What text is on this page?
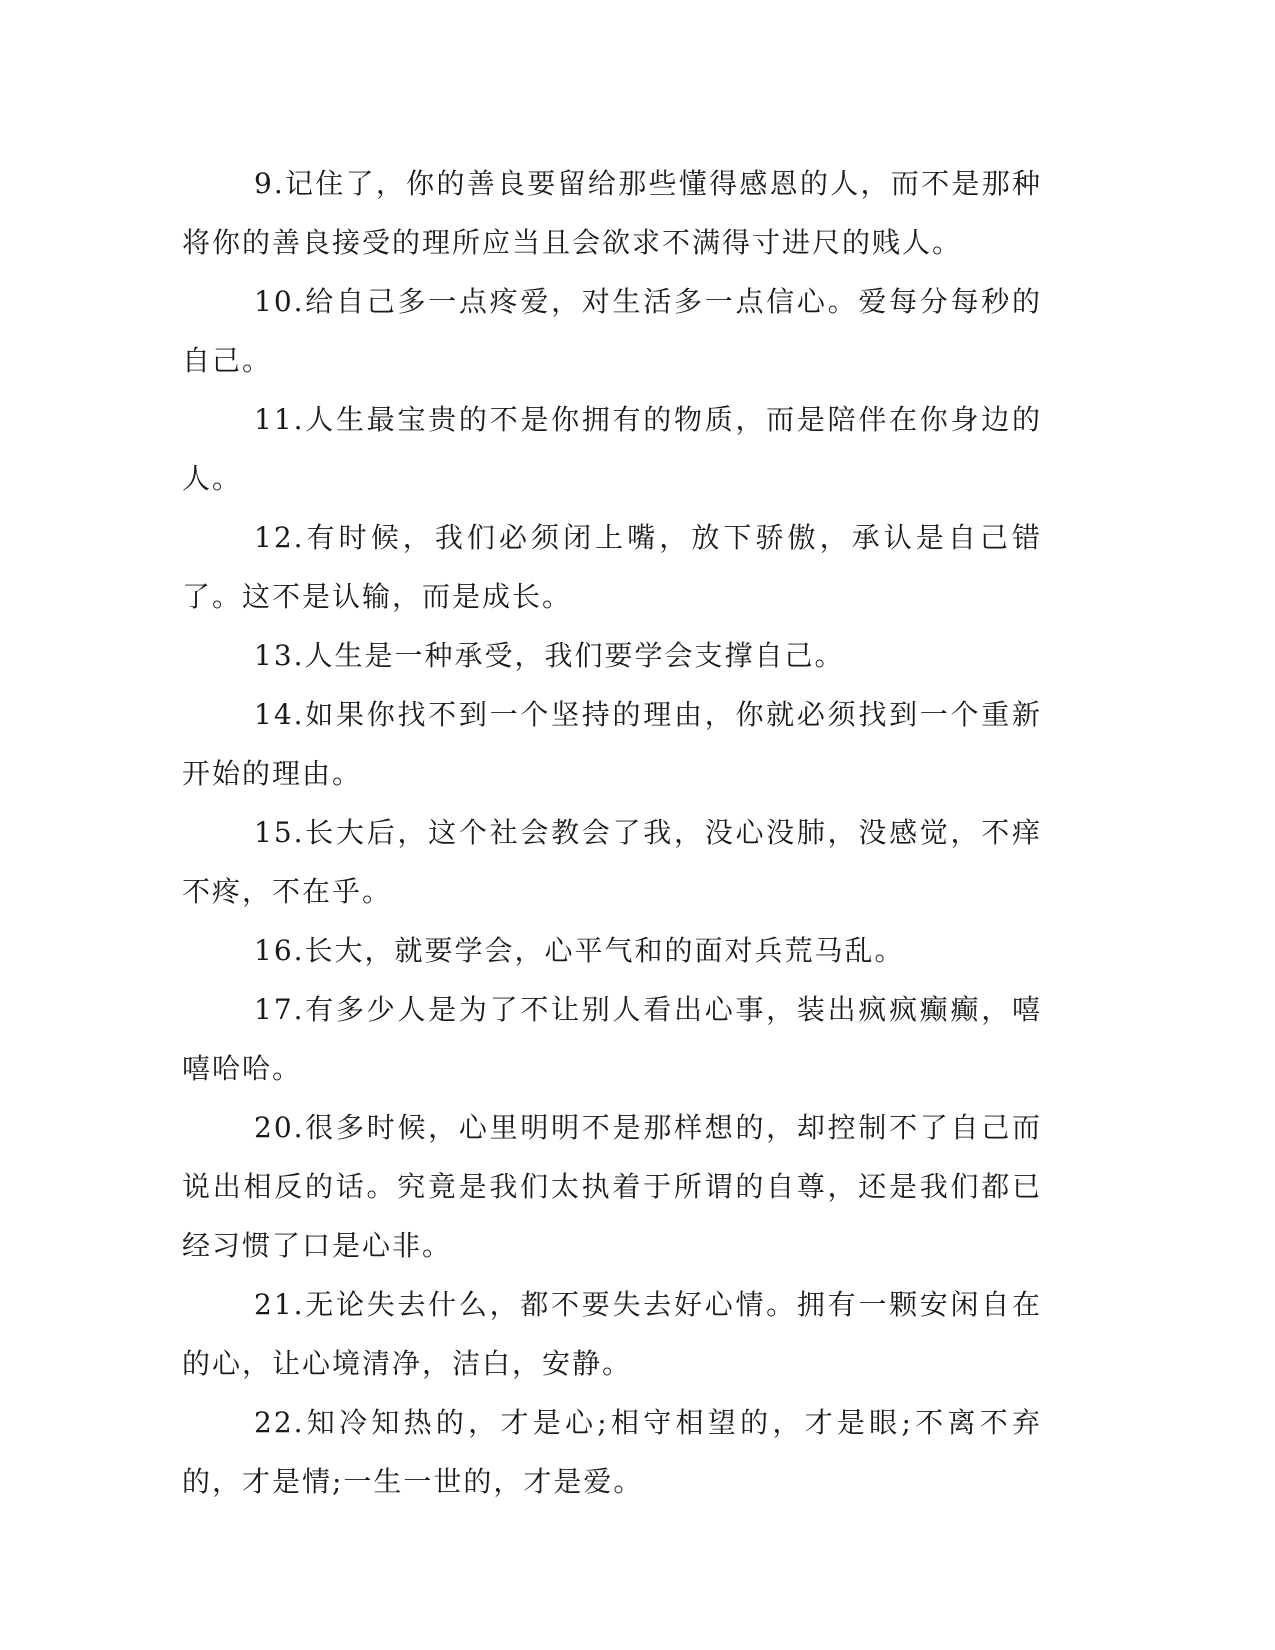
9.记住了，你的善良要留给那些懂得感恩的人，而不是那种将你的善良接受的理所应当且会欲求不满得寸进尺的贱人。

10.给自己多一点疼爱，对生活多一点信心。爱每分每秒的自己。

11.人生最宝贵的不是你拥有的物质，而是陪伴在你身边的人。

12.有时候，我们必须闭上嘴，放下骄傲，承认是自己错了。这不是认输，而是成长。

13.人生是一种承受，我们要学会支撑自己。

14.如果你找不到一个坚持的理由，你就必须找到一个重新开始的理由。

15.长大后，这个社会教会了我，没心没肺，没感觉，不痒不疼，不在乎。

16.长大，就要学会，心平气和的面对兵荒马乱。

17.有多少人是为了不让别人看出心事，装出疯疯癫癫，嘻嘻哈哈。

20.很多时候，心里明明不是那样想的，却控制不了自己而说出相反的话。究竟是我们太执着于所谓的自尊，还是我们都已经习惯了口是心非。

21.无论失去什么，都不要失去好心情。拥有一颗安闲自在的心，让心境清净，洁白，安静。

22.知冷知热的，才是心;相守相望的，才是眼;不离不弃的，才是情;一生一世的，才是爱。
